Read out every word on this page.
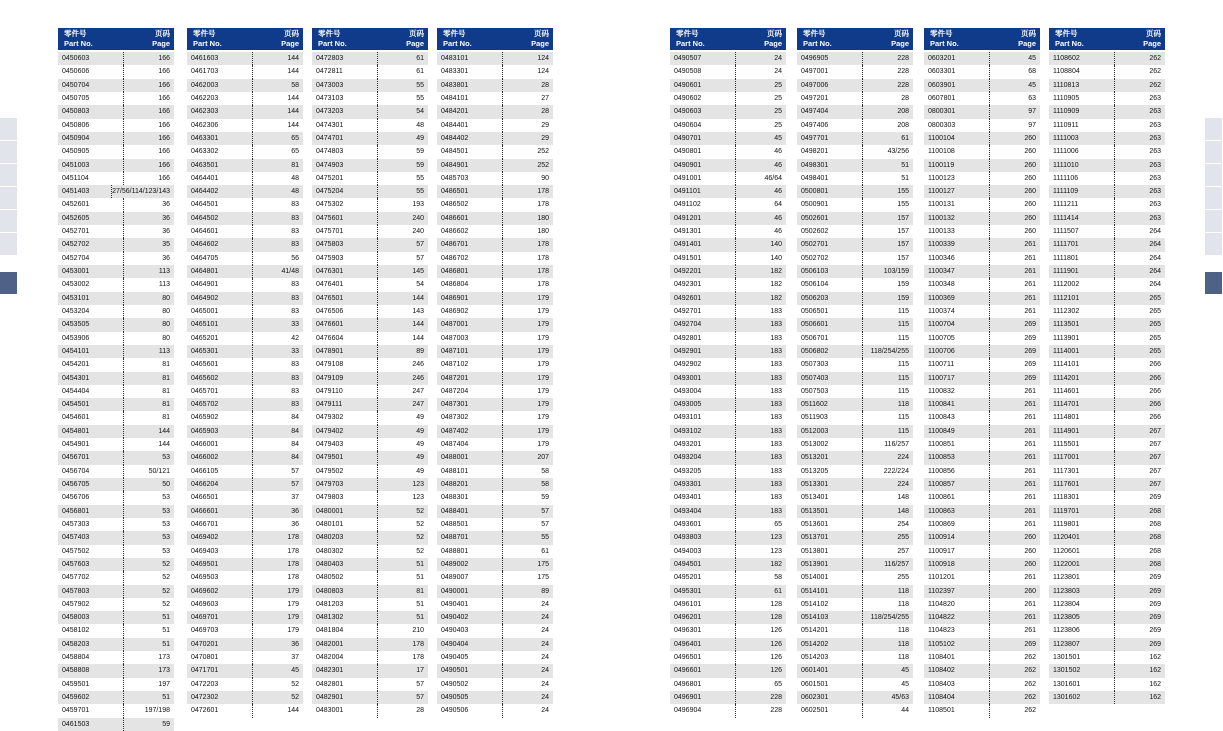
零件号
Part No.
页码
Page
0450603	166
0450606	166
0450704	166
0450705	166
0450803	166
0450806	166
0450904	166
0450905	166
0451003	166
0451104	166
0451403	27/56/114/123/143
0452601	36
0452605	36
0452701	36
0452702	35
0452704	36
0453001	113
0453002	113
0453101	80
0453204	80
0453505	80
0453906	80
0454101	113
0454201	81
0454301	81
0454404	81
0454501	81
0454601	81
0454801	144
0454901	144
0456701	53
0456704	50/121
0456705	50
0456706	53
0456801	53
0457303	53
0457403	53
0457502	53
0457603	52
0457702	52
0457803	52
0457902	52
0458003	51
0458102	51
0458203	51
0458804	173
0458808	173
0459501	197
0459602	51
0459701	197/198
0461503	59
零件号
Part No.
页码
Page
0461603	144
0461703	144
0462003	58
0462203	144
0462303	144
0462306	144
0463301	65
0463302	65
0463501	81
0464401	48
0464402	48
0464501	83
0464502	83
0464601	83
0464602	83
0464705	56
0464801	41/48
0464901	83
0464902	83
0465001	83
0465101	33
0465201	42
0465301	33
0465601	83
0465602	83
0465701	83
0465702	83
0465902	84
0465903	84
0466001	84
0466002	84
0466105	57
0466204	57
0466501	37
0466601	36
0466701	36
0469402	178
0469403	178
0469501	178
0469503	178
0469602	179
0469603	179
0469701	179
0469703	179
0470201	36
0470801	37
0471701	45
0472203	52
0472302	52
0472601	144
零件号
Part No.
页码
Page
0472803	61
0472811	61
0473003	55
0473103	55
0473203	54
0474301	48
0474701	49
0474803	59
0474903	59
0475201	55
0475204	55
0475302	193
0475601	240
0475701	240
0475803	57
0475903	57
0476301	145
0476401	54
0476501	144
0476506	143
0476601	144
0476604	144
0478901	89
0479108	246
0479109	246
0479110	247
0479111	247
0479302	49
0479402	49
0479403	49
0479501	49
0479502	49
0479703	123
0479803	123
0480001	52
0480101	52
0480203	52
0480302	52
0480403	51
0480502	51
0480803	81
0481203	51
0481302	51
0481804	210
0482001	178
0482004	178
0482301	17
0482801	57
0482901	57
0483001	28
零件号
Part No.
页码
Page
0483101	124
0483301	124
0483801	28
0484101	27
0484201	28
0484401	29
0484402	29
0484501	252
0484901	252
0485703	90
0486501	178
0486502	178
0486601	180
0486602	180
0486701	178
0486702	178
0486801	178
0486804	178
0486901	179
0486902	179
0487001	179
0487003	179
0487101	179
0487102	179
0487201	179
0487204	179
0487301	179
0487302	179
0487402	179
0487404	179
0488001	207
0488101	58
0488201	58
0488301	59
0488401	57
0488501	57
0488701	55
0488801	61
0489002	175
0489007	175
0490001	89
0490401	24
0490402	24
0490403	24
0490404	24
0490405	24
0490501	24
0490502	24
0490505	24
0490506	24
零件号
Part No.
页码
Page
0490507	24
0490508	24
0490601	25
0490602	25
0490603	25
0490604	25
0490701	45
0490801	46
0490901	46
0491001	46/64
0491101	46
0491102	64
0491201	46
0491301	46
0491401	140
0491501	140
0492201	182
0492301	182
0492601	182
0492701	183
0492704	183
0492801	183
0492901	183
0492902	183
0493001	183
0493004	183
0493005	183
0493101	183
0493102	183
0493201	183
0493204	183
0493205	183
0493301	183
0493401	183
0493404	183
0493601	65
0493803	123
0494003	123
0494501	182
0495201	58
0495301	61
0496101	128
0496201	128
0496301	126
0496401	126
0496501	126
0496601	126
0496801	65
0496901	228
0496904	228
零件号
Part No.
页码
Page
0496905	228
0497001	228
0497006	228
0497201	28
0497404	208
0497406	208
0497701	61
0498201	43/256
0498301	51
0498401	51
0500801	155
0500901	155
0502601	157
0502602	157
0502701	157
0502702	157
0506103	103/159
0506104	159
0506203	159
0506501	115
0506601	115
0506701	115
0506802	118/254/255
0507303	115
0507403	115
0507503	115
0511602	118
0511903	115
0512003	115
0513002	116/257
0513201	224
0513205	222/224
0513301	224
0513401	148
0513501	148
0513601	254
0513701	255
0513801	257
0513901	116/257
0514001	255
0514101	118
0514102	118
0514103	118/254/255
0514201	118
0514202	118
0514203	118
0601401	45
0601501	45
0602301	45/63
0602501	44
零件号
Part No.
页码
Page
0603201	45
0603301	68
0603901	45
0607801	63
0800301	97
0800303	97
1100104	260
1100108	260
1100119	260
1100123	260
1100127	260
1100131	260
1100132	260
1100133	260
1100339	261
1100346	261
1100347	261
1100348	261
1100369	261
1100374	261
1100704	269
1100705	269
1100706	269
1100711	269
1100717	269
1100832	261
1100841	261
1100843	261
1100849	261
1100851	261
1100853	261
1100856	261
1100857	261
1100861	261
1100863	261
1100869	261
1100914	260
1100917	260
1100918	260
1101201	261
1102397	260
1104820	261
1104822	261
1104823	261
1105102	269
1108401	262
1108402	262
1108403	262
1108404	262
1108501	262
零件号
Part No.
页码
Page
1108602	262
1108804	262
1110813	262
1110905	263
1110909	263
1110911	263
1111003	263
1111006	263
1111010	263
1111106	263
1111109	263
1111211	263
1111414	263
1111507	264
1111701	264
1111801	264
1111901	264
1112002	264
1112101	265
1112302	265
1113501	265
1113901	265
1114001	265
1114101	266
1114201	266
1114601	266
1114701	266
1114801	266
1114901	267
1115501	267
1117001	267
1117301	267
1117601	267
1118301	269
1119701	268
1119801	268
1120401	268
1120601	268
1122001	268
1123801	269
1123803	269
1123804	269
1123805	269
1123806	269
1123807	269
1301501	162
1301502	162
1301601	162
1301602	162
